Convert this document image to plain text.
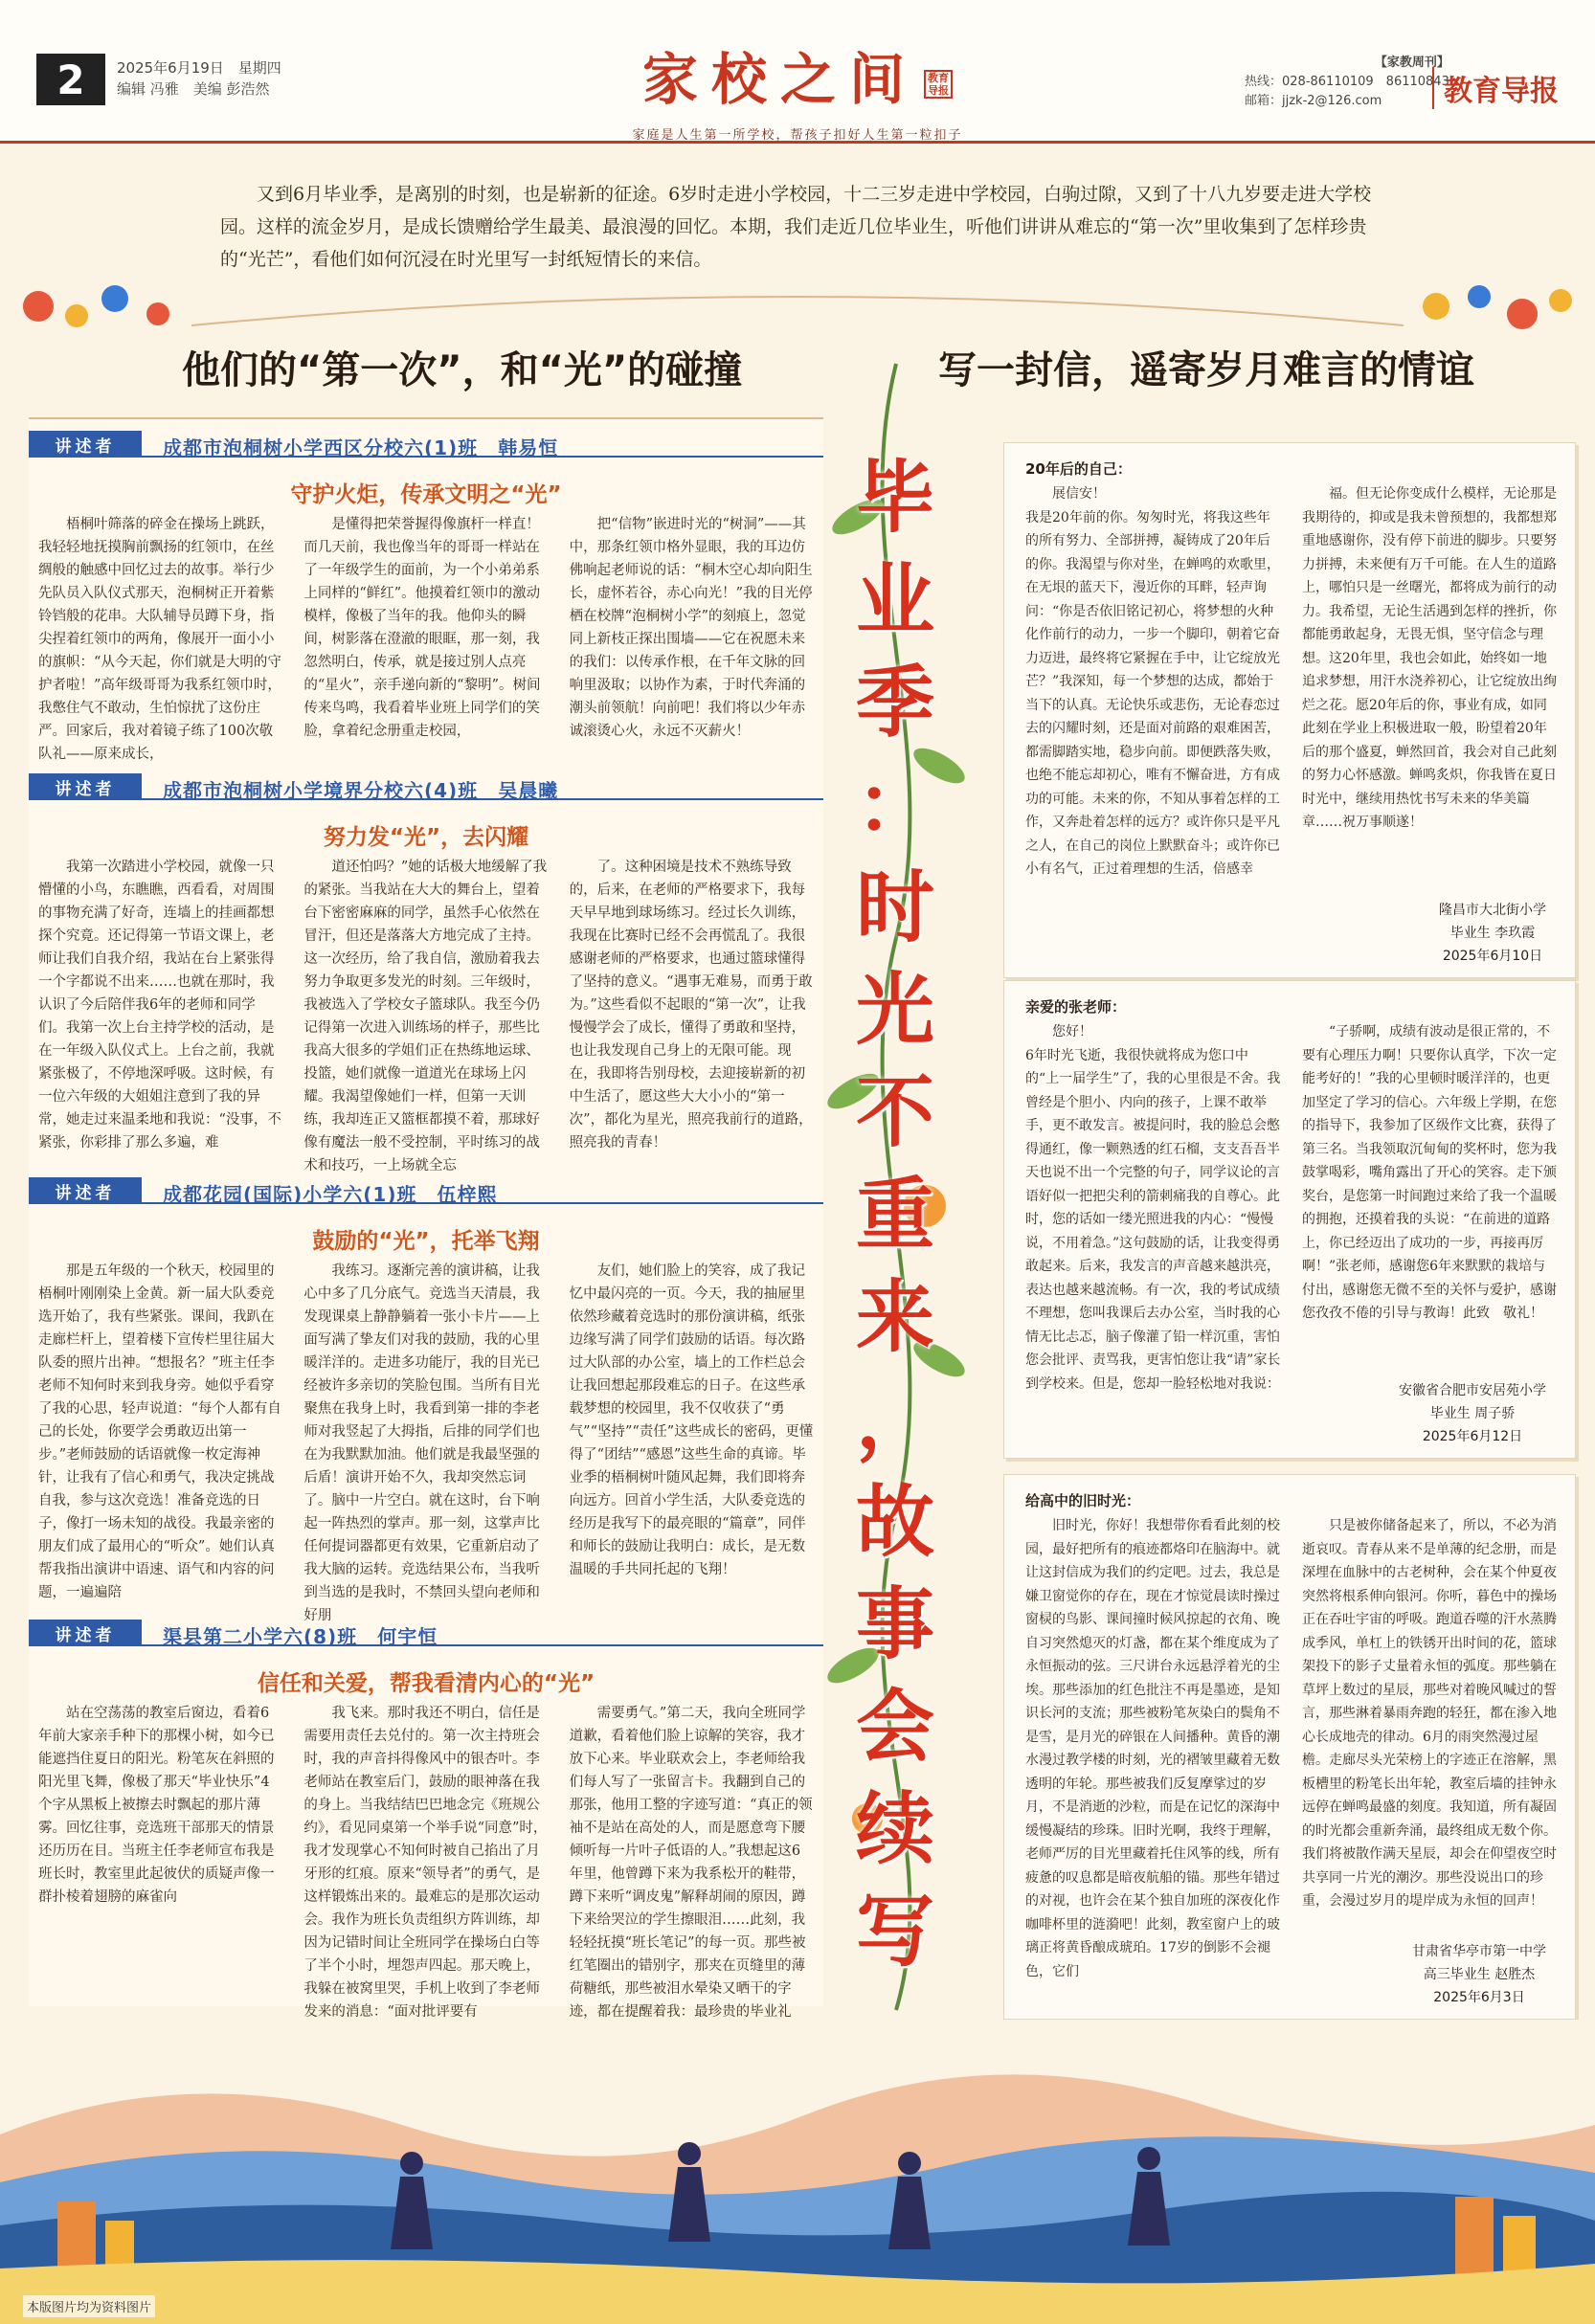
2	2025年6月19日　星期四
编辑 冯雅　美编 彭浩然	家校之间 教育
导报
家庭是人生第一所学校，帮孩子扣好人生第一粒扣子
【家教周刊】
热线：028-86110109　86110843
邮箱：jjzk-2@126.com	教育导报
又到6月毕业季，是离别的时刻，也是崭新的征途。6岁时走进小学校园，十二三岁走进中学校园，白驹过隙，又到了十八九岁要走进大学校园。这样的流金岁月，是成长馈赠给学生最美、最浪漫的回忆。本期，我们走近几位毕业生，听他们讲讲从难忘的“第一次”里收集到了怎样珍贵的“光芒”，看他们如何沉浸在时光里写一封纸短情长的来信。
他们的“第一次”，和“光”的碰撞	写一封信，遥寄岁月难言的情谊
讲述者	成都市泡桐树小学西区分校六(1)班　韩易恒
守护火炬，传承文明之“光”

梧桐叶筛落的碎金在操场上跳跃，我轻轻地抚摸胸前飘扬的红领巾，在丝绸般的触感中回忆过去的故事。举行少先队员入队仪式那天，泡桐树正开着紫铃铛般的花串。大队辅导员蹲下身，指尖捏着红领巾的两角，像展开一面小小的旗帜：“从今天起，你们就是大明的守护者啦！”高年级哥哥为我系红领巾时，我憋住气不敢动，生怕惊扰了这份庄严。回家后，我对着镜子练了100次敬队礼——原来成长，

是懂得把荣誉握得像旗杆一样直！而几天前，我也像当年的哥哥一样站在了一年级学生的面前，为一个小弟弟系上同样的“鲜红”。他摸着红领巾的激动模样，像极了当年的我。他仰头的瞬间，树影落在澄澈的眼眶，那一刻，我忽然明白，传承，就是接过别人点亮的“星火”，亲手递向新的“黎明”。树间传来鸟鸣，我看着毕业班上同学们的笑脸，拿着纪念册重走校园，

把“信物”嵌进时光的“树洞”——其中，那条红领巾格外显眼，我的耳边仿佛响起老师说的话：“桐木空心却向阳生长，虚怀若谷，赤心向光！”我的目光停栖在校牌“泡桐树小学”的刻痕上，忽觉同上新枝正探出围墙——它在祝愿未来的我们：以传承作根，在千年文脉的回响里汲取；以协作为素，于时代奔涌的潮头前领航！向前吧！我们将以少年赤诚滚烫心火，永远不灭薪火！

讲述者	成都市泡桐树小学境界分校六(4)班　吴晨曦
努力发“光”，去闪耀

我第一次踏进小学校园，就像一只懵懂的小鸟，东瞧瞧，西看看，对周围的事物充满了好奇，连墙上的挂画都想探个究竟。还记得第一节语文课上，老师让我们自我介绍，我站在台上紧张得一个字都说不出来……也就在那时，我认识了今后陪伴我6年的老师和同学们。我第一次上台主持学校的活动，是在一年级入队仪式上。上台之前，我就紧张极了，不停地深呼吸。这时候，有一位六年级的大姐姐注意到了我的异常，她走过来温柔地和我说：“没事，不紧张，你彩排了那么多遍，难

道还怕吗？”她的话极大地缓解了我的紧张。当我站在大大的舞台上，望着台下密密麻麻的同学，虽然手心依然在冒汗，但还是落落大方地完成了主持。这一次经历，给了我自信，激励着我去努力争取更多发光的时刻。三年级时，我被选入了学校女子篮球队。我至今仍记得第一次进入训练场的样子，那些比我高大很多的学姐们正在热练地运球、投篮，她们就像一道道光在球场上闪耀。我渴望像她们一样，但第一天训练，我却连正又篮框都摸不着，那球好像有魔法一般不受控制，平时练习的战术和技巧，一上场就全忘

了。这种困境是技术不熟练导致的，后来，在老师的严格要求下，我每天早早地到球场练习。经过长久训练，我现在比赛时已经不会再慌乱了。我很感谢老师的严格要求，也通过篮球懂得了坚持的意义。“遇事无难易，而勇于敢为。”这些看似不起眼的“第一次”，让我慢慢学会了成长，懂得了勇敢和坚持，也让我发现自己身上的无限可能。现在，我即将告别母校，去迎接崭新的初中生活了，愿这些大大小小的“第一次”，都化为星光，照亮我前行的道路，照亮我的青春！

讲述者	成都花园(国际)小学六(1)班　伍梓熙
鼓励的“光”，托举飞翔

那是五年级的一个秋天，校园里的梧桐叶刚刚染上金黄。新一届大队委竞选开始了，我有些紧张。课间，我趴在走廊栏杆上，望着楼下宣传栏里往届大队委的照片出神。“想报名？”班主任李老师不知何时来到我身旁。她似乎看穿了我的心思，轻声说道：“每个人都有自己的长处，你要学会勇敢迈出第一步。”老师鼓励的话语就像一枚定海神针，让我有了信心和勇气，我决定挑战自我，参与这次竞选！准备竞选的日子，像打一场未知的战役。我最亲密的朋友们成了最用心的“听众”。她们认真帮我指出演讲中语速、语气和内容的问题，一遍遍陪

我练习。逐渐完善的演讲稿，让我心中多了几分底气。竞选当天清晨，我发现课桌上静静躺着一张小卡片——上面写满了挚友们对我的鼓励，我的心里暖洋洋的。走进多功能厅，我的目光已经被许多亲切的笑脸包围。当所有目光聚焦在我身上时，我看到第一排的李老师对我竖起了大拇指，后排的同学们也在为我默默加油。他们就是我最坚强的后盾！演讲开始不久，我却突然忘词了。脑中一片空白。就在这时，台下响起一阵热烈的掌声。那一刻，这掌声比任何提词器都更有效果，它重新启动了我大脑的运转。竞选结果公布，当我听到当选的是我时，不禁回头望向老师和好朋

友们，她们脸上的笑容，成了我记忆中最闪亮的一页。今天，我的抽屉里依然珍藏着竞选时的那份演讲稿，纸张边缘写满了同学们鼓励的话语。每次路过大队部的办公室，墙上的工作栏总会让我回想起那段难忘的日子。在这些承载梦想的校园里，我不仅收获了“勇气”“坚持”“责任”这些成长的密码，更懂得了“团结”“感恩”这些生命的真谛。毕业季的梧桐树叶随风起舞，我们即将奔向远方。回首小学生活，大队委竞选的经历是我写下的最亮眼的“篇章”，同伴和师长的鼓励让我明白：成长，是无数温暖的手共同托起的飞翔！

讲述者	渠县第二小学六(8)班　何宇恒
信任和关爱，帮我看清内心的“光”

站在空荡荡的教室后窗边，看着6年前大家亲手种下的那棵小树，如今已能遮挡住夏日的阳光。粉笔灰在斜照的阳光里飞舞，像极了那天“毕业快乐”4个字从黑板上被擦去时飘起的那片薄雾。回忆往事，竞选班干部那天的情景还历历在目。当班主任李老师宣布我是班长时，教室里此起彼伏的质疑声像一群扑棱着翅膀的麻雀向

我飞来。那时我还不明白，信任是需要用责任去兑付的。第一次主持班会时，我的声音抖得像风中的银杏叶。李老师站在教室后门，鼓励的眼神落在我的身上。当我结结巴巴地念完《班规公约》，看见同桌第一个举手说“同意”时，我才发现掌心不知何时被自己掐出了月牙形的红痕。原来“领导者”的勇气，是这样锻炼出来的。最难忘的是那次运动会。我作为班长负责组织方阵训练，却因为记错时间让全班同学在操场白白等了半个小时，埋怨声四起。那天晚上，我躲在被窝里哭，手机上收到了李老师发来的消息：“面对批评要有

需要勇气。”第二天，我向全班同学道歉，看着他们脸上谅解的笑容，我才放下心来。毕业联欢会上，李老师给我们每人写了一张留言卡。我翻到自己的那张，他用工整的字迹写道：“真正的领袖不是站在高处的人，而是愿意弯下腰倾听每一片叶子低语的人。”我想起这6年里，他曾蹲下来为我系松开的鞋带，蹲下来听“调皮鬼”解释胡闹的原因，蹲下来给哭泣的学生擦眼泪……此刻，我轻轻抚摸“班长笔记”的每一页。那些被红笔圈出的错别字，那夹在页缝里的薄荷糖纸，那些被泪水晕染又晒干的字迹，都在提醒着我：最珍贵的毕业礼

毕
业
季
：
时
光
不
重
来
，
故
事
会
续
写
20年后的自己：

展信安！
我是20年前的你。匆匆时光，将我这些年的所有努力、全部拼搏，凝铸成了20年后的你。我渴望与你对坐，在蝉鸣的欢歌里，在无垠的蓝天下，漫近你的耳畔，轻声询问：“你是否依旧铭记初心，将梦想的火种化作前行的动力，一步一个脚印，朝着它奋力迈进，最终将它紧握在手中，让它绽放光芒？”我深知，每一个梦想的达成，都始于当下的认真。无论快乐或悲伤，无论春恋过去的闪耀时刻，还是面对前路的艰难困苦，都需脚踏实地，稳步向前。即便跌落失败，也绝不能忘却初心，唯有不懈奋进，方有成功的可能。未来的你，不知从事着怎样的工作，又奔赴着怎样的远方？或许你只是平凡之人，在自己的岗位上默默奋斗；或许你已小有名气，正过着理想的生活，倍感幸

福。但无论你变成什么模样，无论那是我期待的，抑或是我未曾预想的，我都想郑重地感谢你，没有停下前进的脚步。只要努力拼搏，未来便有万千可能。在人生的道路上，哪怕只是一丝曙光，都将成为前行的动力。我希望，无论生活遇到怎样的挫折，你都能勇敢起身，无畏无惧，坚守信念与理想。这20年里，我也会如此，始终如一地追求梦想，用汗水浇养初心，让它绽放出绚烂之花。愿20年后的你，事业有成，如同此刻在学业上积极进取一般，盼望着20年后的那个盛夏，蝉然回首，我会对自己此刻的努力心怀感激。蝉鸣炙炽，你我皆在夏日时光中，继续用热忱书写未来的华美篇章……祝万事顺遂！

隆昌市大北街小学
毕业生 李玖霞
2025年6月10日
亲爱的张老师：

您好！
6年时光飞逝，我很快就将成为您口中的“上一届学生”了，我的心里很是不舍。我曾经是个胆小、内向的孩子，上课不敢举手，更不敢发言。被提问时，我的脸总会憋得通红，像一颗熟透的红石榴，支支吾吾半天也说不出一个完整的句子，同学议论的言语好似一把把尖利的箭刺痛我的自尊心。此时，您的话如一缕光照进我的内心：“慢慢说，不用着急。”这句鼓励的话，让我变得勇敢起来。后来，我发言的声音越来越洪亮，表达也越来越流畅。有一次，我的考试成绩不理想，您叫我课后去办公室，当时我的心情无比忐忑，脑子像灌了铅一样沉重，害怕您会批评、责骂我，更害怕您让我“请”家长到学校来。但是，您却一脸轻松地对我说：

“子骄啊，成绩有波动是很正常的，不要有心理压力啊！只要你认真学，下次一定能考好的！”我的心里顿时暖洋洋的，也更加坚定了学习的信心。六年级上学期，在您的指导下，我参加了区级作文比赛，获得了第三名。当我领取沉甸甸的奖杯时，您为我鼓掌喝彩，嘴角露出了开心的笑容。走下颁奖台，是您第一时间跑过来给了我一个温暖的拥抱，还摸着我的头说：“在前进的道路上，你已经迈出了成功的一步，再接再厉啊！”张老师，感谢您6年来默默的栽培与付出，感谢您无微不至的关怀与爱护，感谢您孜孜不倦的引导与教诲！此致　敬礼！

安徽省合肥市安居苑小学
毕业生 周子骄
2025年6月12日
给高中的旧时光：

旧时光，你好！我想带你看看此刻的校园，最好把所有的痕迹都烙印在脑海中。就让这封信成为我们的约定吧。过去，我总是嫌卫窗觉你的存在，现在才惊觉晨读时操过窗棂的鸟影、课间撞时候风掠起的衣角、晚自习突然熄灭的灯盏，都在某个维度成为了永恒振动的弦。三尺讲台永远悬浮着光的尘埃。那些添加的红色批注不再是墨迹，是知识长河的支流；那些被粉笔灰染白的鬓角不是雪，是月光的碎银在人间播种。黄昏的潮水漫过教学楼的时刻，光的褶皱里藏着无数透明的年轮。那些被我们反复摩挲过的岁月，不是消逝的沙粒，而是在记忆的深海中缓慢凝结的珍珠。旧时光啊，我终于理解，老师严厉的目光里藏着托住风筝的线，所有疲惫的叹息都是暗夜航船的锚。那些年错过的对视，也许会在某个独自加班的深夜化作咖啡杯里的涟漪吧！此刻，教室窗户上的玻璃正将黄昏酿成琥珀。17岁的倒影不会褪色，它们

只是被你储备起来了，所以，不必为消逝哀叹。青春从来不是单薄的纪念册，而是深埋在血脉中的古老树种，会在某个仲夏夜突然将根系伸向银河。你听，暮色中的操场正在吞吐宇宙的呼吸。跑道吞噬的汗水蒸腾成季风，单杠上的铁锈开出时间的花，篮球架投下的影子丈量着永恒的弧度。那些躺在草坪上数过的星辰，那些对着晚风喊过的誓言，那些淋着暴雨奔跑的轻狂，都在渗入地心长成地壳的律动。6月的雨突然漫过屋檐。走廊尽头光荣榜上的字迹正在溶解，黑板槽里的粉笔长出年轮，教室后墙的挂钟永远停在蝉鸣最盛的刻度。我知道，所有凝固的时光都会重新奔涌，最终组成无数个你。我们将被散作满天星辰，却会在仰望夜空时共享同一片光的潮汐。那些没说出口的珍重，会漫过岁月的堤岸成为永恒的回声！

甘肃省华亭市第一中学
高三毕业生 赵胜杰
2025年6月3日
本版图片均为资料图片
